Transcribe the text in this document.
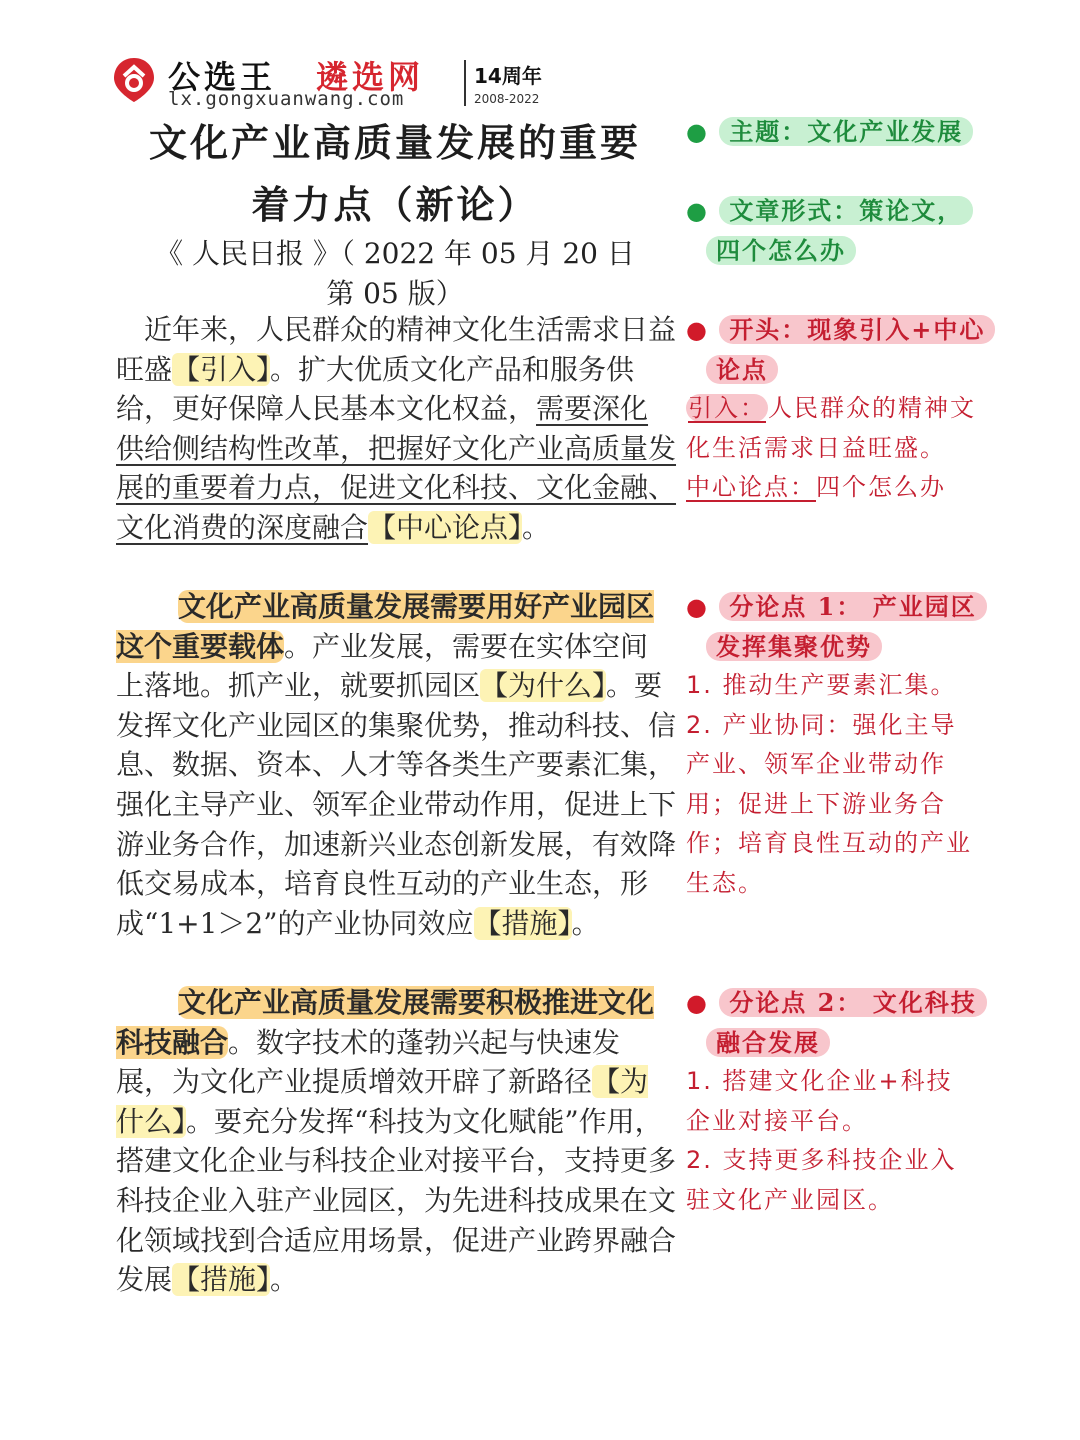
公选王 遴选网
lx.gongxuanwang.com
14周年
2008-2022
文化产业高质量发展的重要
着力点（新论）
《 人民日报 》（ 2022 年 05 月 20 日
第 05 版）
近年来，人民群众的精神文化生活需求日益旺盛【引入】。扩大优质文化产品和服务供给，更好保障人民基本文化权益，需要深化供给侧结构性改革，把握好文化产业高质量发展的重要着力点，促进文化科技、文化金融、文化消费的深度融合【中心论点】。
文化产业高质量发展需要用好产业园区这个重要载体。产业发展，需要在实体空间上落地。抓产业，就要抓园区【为什么】。要发挥文化产业园区的集聚优势，推动科技、信息、数据、资本、人才等各类生产要素汇集，强化主导产业、领军企业带动作用，促进上下游业务合作，加速新兴业态创新发展，有效降低交易成本，培育良性互动的产业生态，形成“1+1＞2”的产业协同效应【措施】。
文化产业高质量发展需要积极推进文化科技融合。数字技术的蓬勃兴起与快速发展，为文化产业提质增效开辟了新路径【为什么】。要充分发挥“科技为文化赋能”作用，搭建文化企业与科技企业对接平台，支持更多科技企业入驻产业园区，为先进科技成果在文化领域找到合适应用场景，促进产业跨界融合发展【措施】。
● 主题：文化产业发展
● 文章形式：策论文，
四个怎么办
● 开头：现象引入+中心
论点
引入：人民群众的精神文化生活需求日益旺盛。
中心论点：四个怎么办
● 分论点 1： 产业园区
发挥集聚优势
1. 推动生产要素汇集。
2. 产业协同：强化主导产业、领军企业带动作用；促进上下游业务合作；培育良性互动的产业生态。
● 分论点 2： 文化科技
融合发展
1. 搭建文化企业+科技企业对接平台。
2. 支持更多科技企业入驻文化产业园区。
